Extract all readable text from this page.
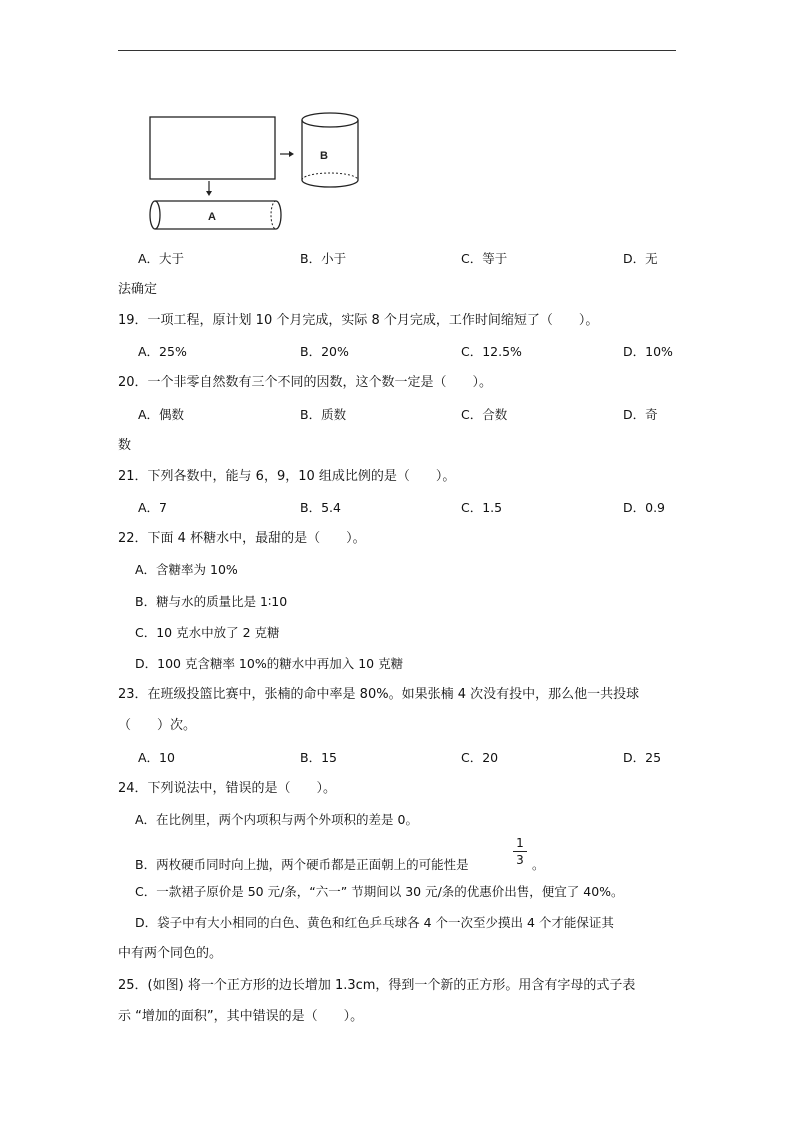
A
B
A．大于	B．小于	C．等于	D．无
法确定
19．一项工程，原计划 10 个月完成，实际 8 个月完成，工作时间缩短了（　　）。
A．25%	B．20%	C．12.5%	D．10%
20．一个非零自然数有三个不同的因数，这个数一定是（　　）。
A．偶数	B．质数	C．合数	D．奇
数
21．下列各数中，能与 6，9，10 组成比例的是（　　）。
A．7	B．5.4	C．1.5	D．0.9
22．下面 4 杯糖水中，最甜的是（　　）。
A．含糖率为 10%
B．糖与水的质量比是 1∶10
C．10 克水中放了 2 克糖
D．100 克含糖率 10%的糖水中再加入 10 克糖
23．在班级投篮比赛中，张楠的命中率是 80%。如果张楠 4 次没有投中，那么他一共投球
（　　）次。
A．10	B．15	C．20	D．25
24．下列说法中，错误的是（　　）。
A．在比例里，两个内项积与两个外项积的差是 0。
B．两枚硬币同时向上抛，两个硬币都是正面朝上的可能性是
1
3 。
C．一款裙子原价是 50 元/条，“六一” 节期间以 30 元/条的优惠价出售，便宜了 40%。
D．袋子中有大小相同的白色、黄色和红色乒乓球各 4 个一次至少摸出 4 个才能保证其
中有两个同色的。
25．(如图) 将一个正方形的边长增加 1.3cm，得到一个新的正方形。用含有字母的式子表
示 “增加的面积”，其中错误的是（　　）。
